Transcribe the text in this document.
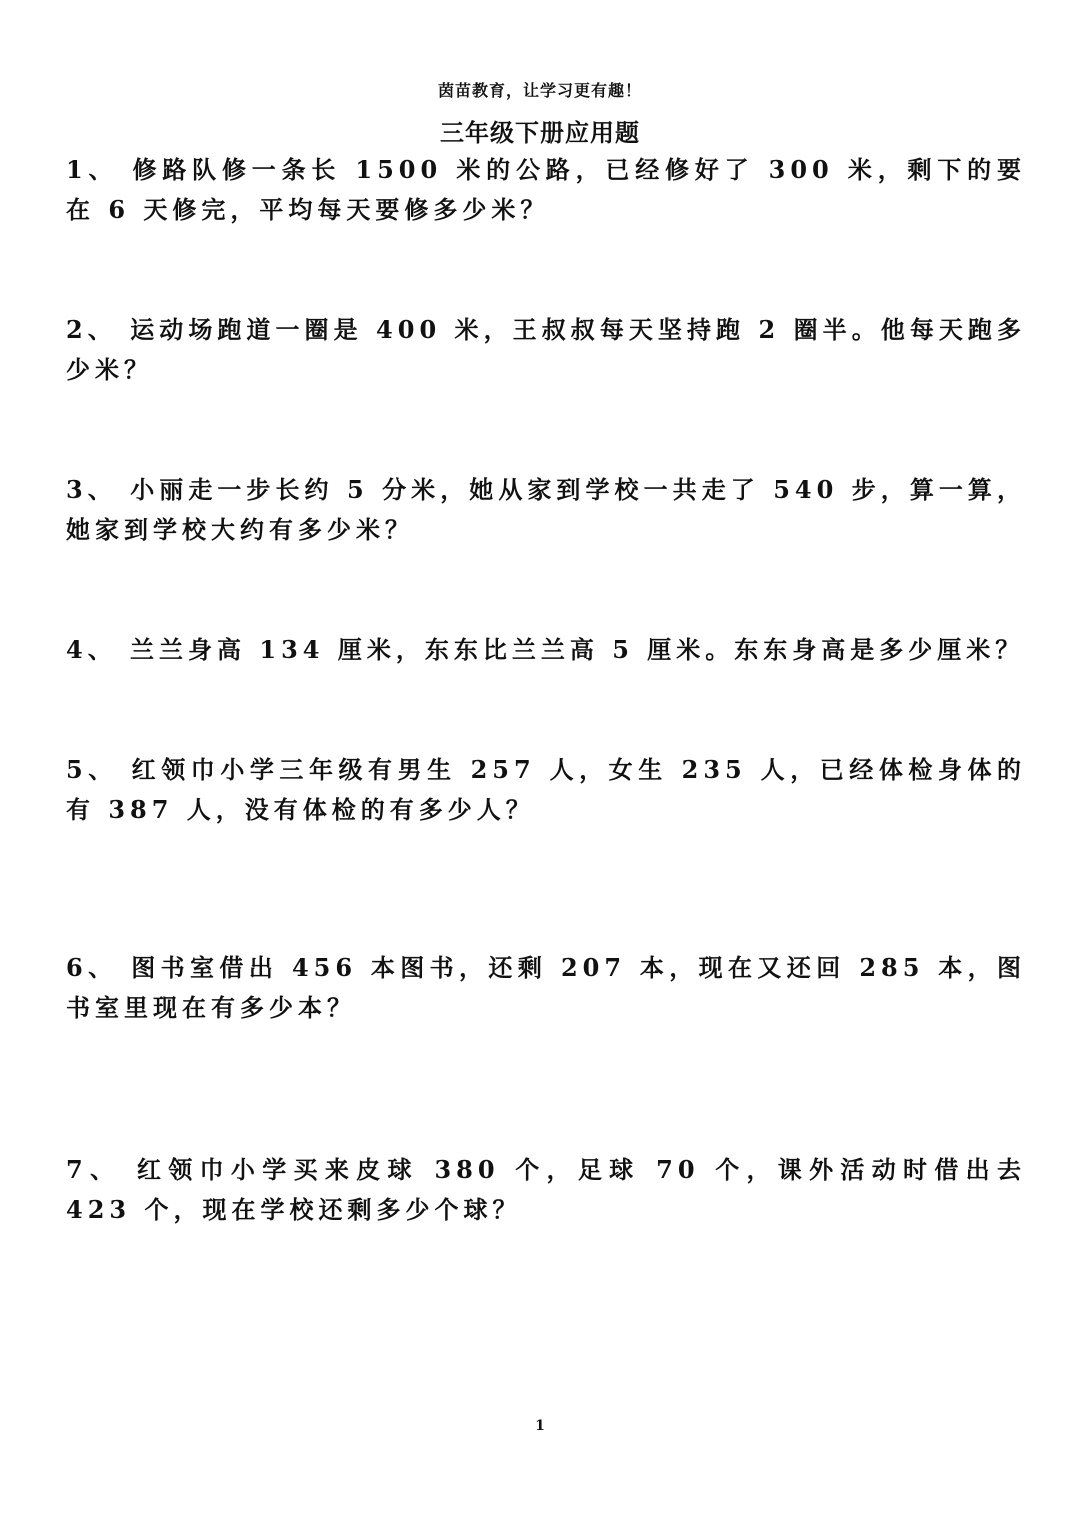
茵苗教育，让学习更有趣！
三年级下册应用题
1、 修路队修一条长 1500 米的公路，已经修好了 300 米，剩下的要在 6 天修完，平均每天要修多少米？
2、 运动场跑道一圈是 400 米，王叔叔每天坚持跑 2 圈半。他每天跑多少米？
3、 小丽走一步长约 5 分米，她从家到学校一共走了 540 步，算一算，她家到学校大约有多少米？
4、 兰兰身高 134 厘米，东东比兰兰高 5 厘米。东东身高是多少厘米？
5、 红领巾小学三年级有男生 257 人，女生 235 人，已经体检身体的有 387 人，没有体检的有多少人？
6、 图书室借出 456 本图书，还剩 207 本，现在又还回 285 本，图书室里现在有多少本？
7、 红领巾小学买来皮球 380 个，足球 70 个，课外活动时借出去 423 个，现在学校还剩多少个球？
1
